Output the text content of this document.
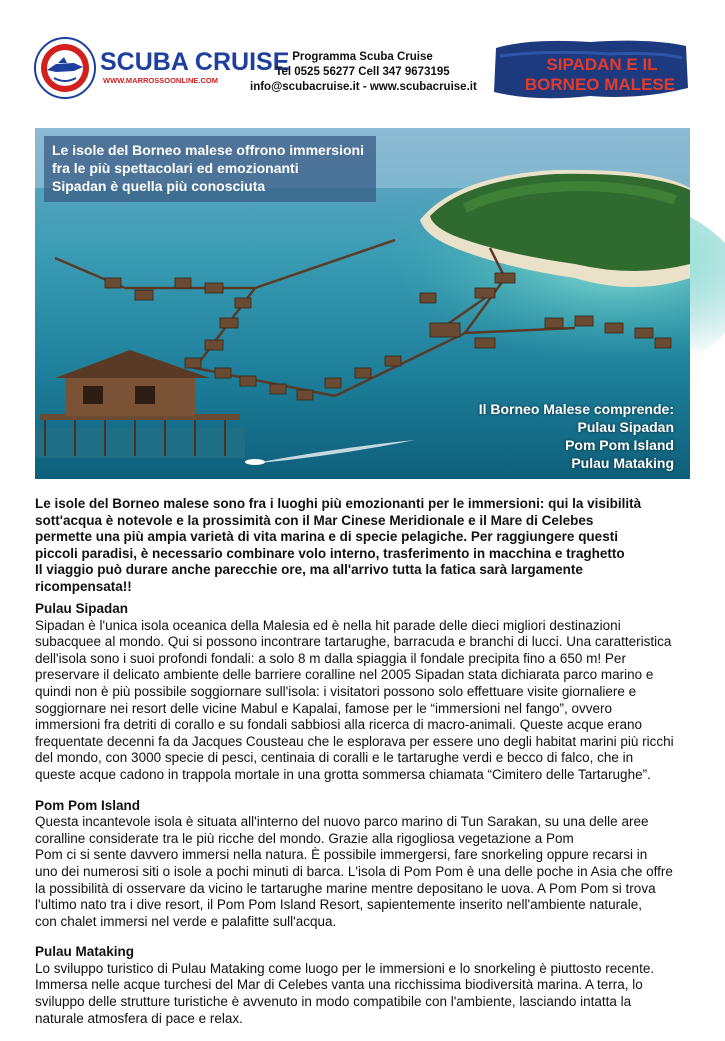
SCUBA CRUISE
WWW.MARROSSOONLINE.COM
Programma Scuba Cruise
Tel 0525 56277 Cell 347 9673195
info@scubacruise.it - www.scubacruise.it
SIPADAN E IL
BORNEO MALESE
Le isole del Borneo malese offrono immersioni
fra le più spettacolari ed emozionanti
Sipadan è quella più conosciuta
Il Borneo Malese comprende:
Pulau Sipadan
Pom Pom Island
Pulau Mataking
Le isole del Borneo malese sono fra i luoghi più emozionanti per le immersioni: qui la visibilità
sott'acqua è notevole e la prossimità con il Mar Cinese Meridionale e il Mare di Celebes
permette una più ampia varietà di vita marina e di specie pelagiche. Per raggiungere questi
piccoli paradisi, è necessario combinare volo interno, trasferimento in macchina e traghetto
Il viaggio può durare anche parecchie ore, ma all'arrivo tutta la fatica sarà largamente
ricompensata!!
Pulau Sipadan
Sipadan è l'unica isola oceanica della Malesia ed è nella hit parade delle dieci migliori destinazioni
subacquee al mondo. Qui si possono incontrare tartarughe, barracuda e branchi di lucci. Una caratteristica
dell'isola sono i suoi profondi fondali: a solo 8 m dalla spiaggia il fondale precipita fino a 650 m! Per
preservare il delicato ambiente delle barriere coralline nel 2005 Sipadan stata dichiarata parco marino e
quindi non è più possibile soggiornare sull'isola: i visitatori possono solo effettuare visite giornaliere e
soggiornare nei resort delle vicine Mabul e Kapalai, famose per le “immersioni nel fango”, ovvero
immersioni fra detriti di corallo e su fondali sabbiosi alla ricerca di macro-animali. Queste acque erano
frequentate decenni fa da Jacques Cousteau che le esplorava per essere uno degli habitat marini più ricchi
del mondo, con 3000 specie di pesci, centinaia di coralli e le tartarughe verdi e becco di falco, che in
queste acque cadono in trappola mortale in una grotta sommersa chiamata “Cimitero delle Tartarughe”.
Pom Pom Island
Questa incantevole isola è situata all'interno del nuovo parco marino di Tun Sarakan, su una delle aree
coralline considerate tra le più ricche del mondo. Grazie alla rigogliosa vegetazione a Pom
Pom ci si sente davvero immersi nella natura. È possibile immergersi, fare snorkeling oppure recarsi in
uno dei numerosi siti o isole a pochi minuti di barca. L'isola di Pom Pom è una delle poche in Asia che offre
la possibilità di osservare da vicino le tartarughe marine mentre depositano le uova. A Pom Pom si trova
l'ultimo nato tra i dive resort, il Pom Pom Island Resort, sapientemente inserito nell'ambiente naturale,
con chalet immersi nel verde e palafitte sull'acqua.
Pulau Mataking
Lo sviluppo turistico di Pulau Mataking come luogo per le immersioni e lo snorkeling è piuttosto recente.
Immersa nelle acque turchesi del Mar di Celebes vanta una ricchissima biodiversità marina. A terra, lo
sviluppo delle strutture turistiche è avvenuto in modo compatibile con l'ambiente, lasciando intatta la
naturale atmosfera di pace e relax.
